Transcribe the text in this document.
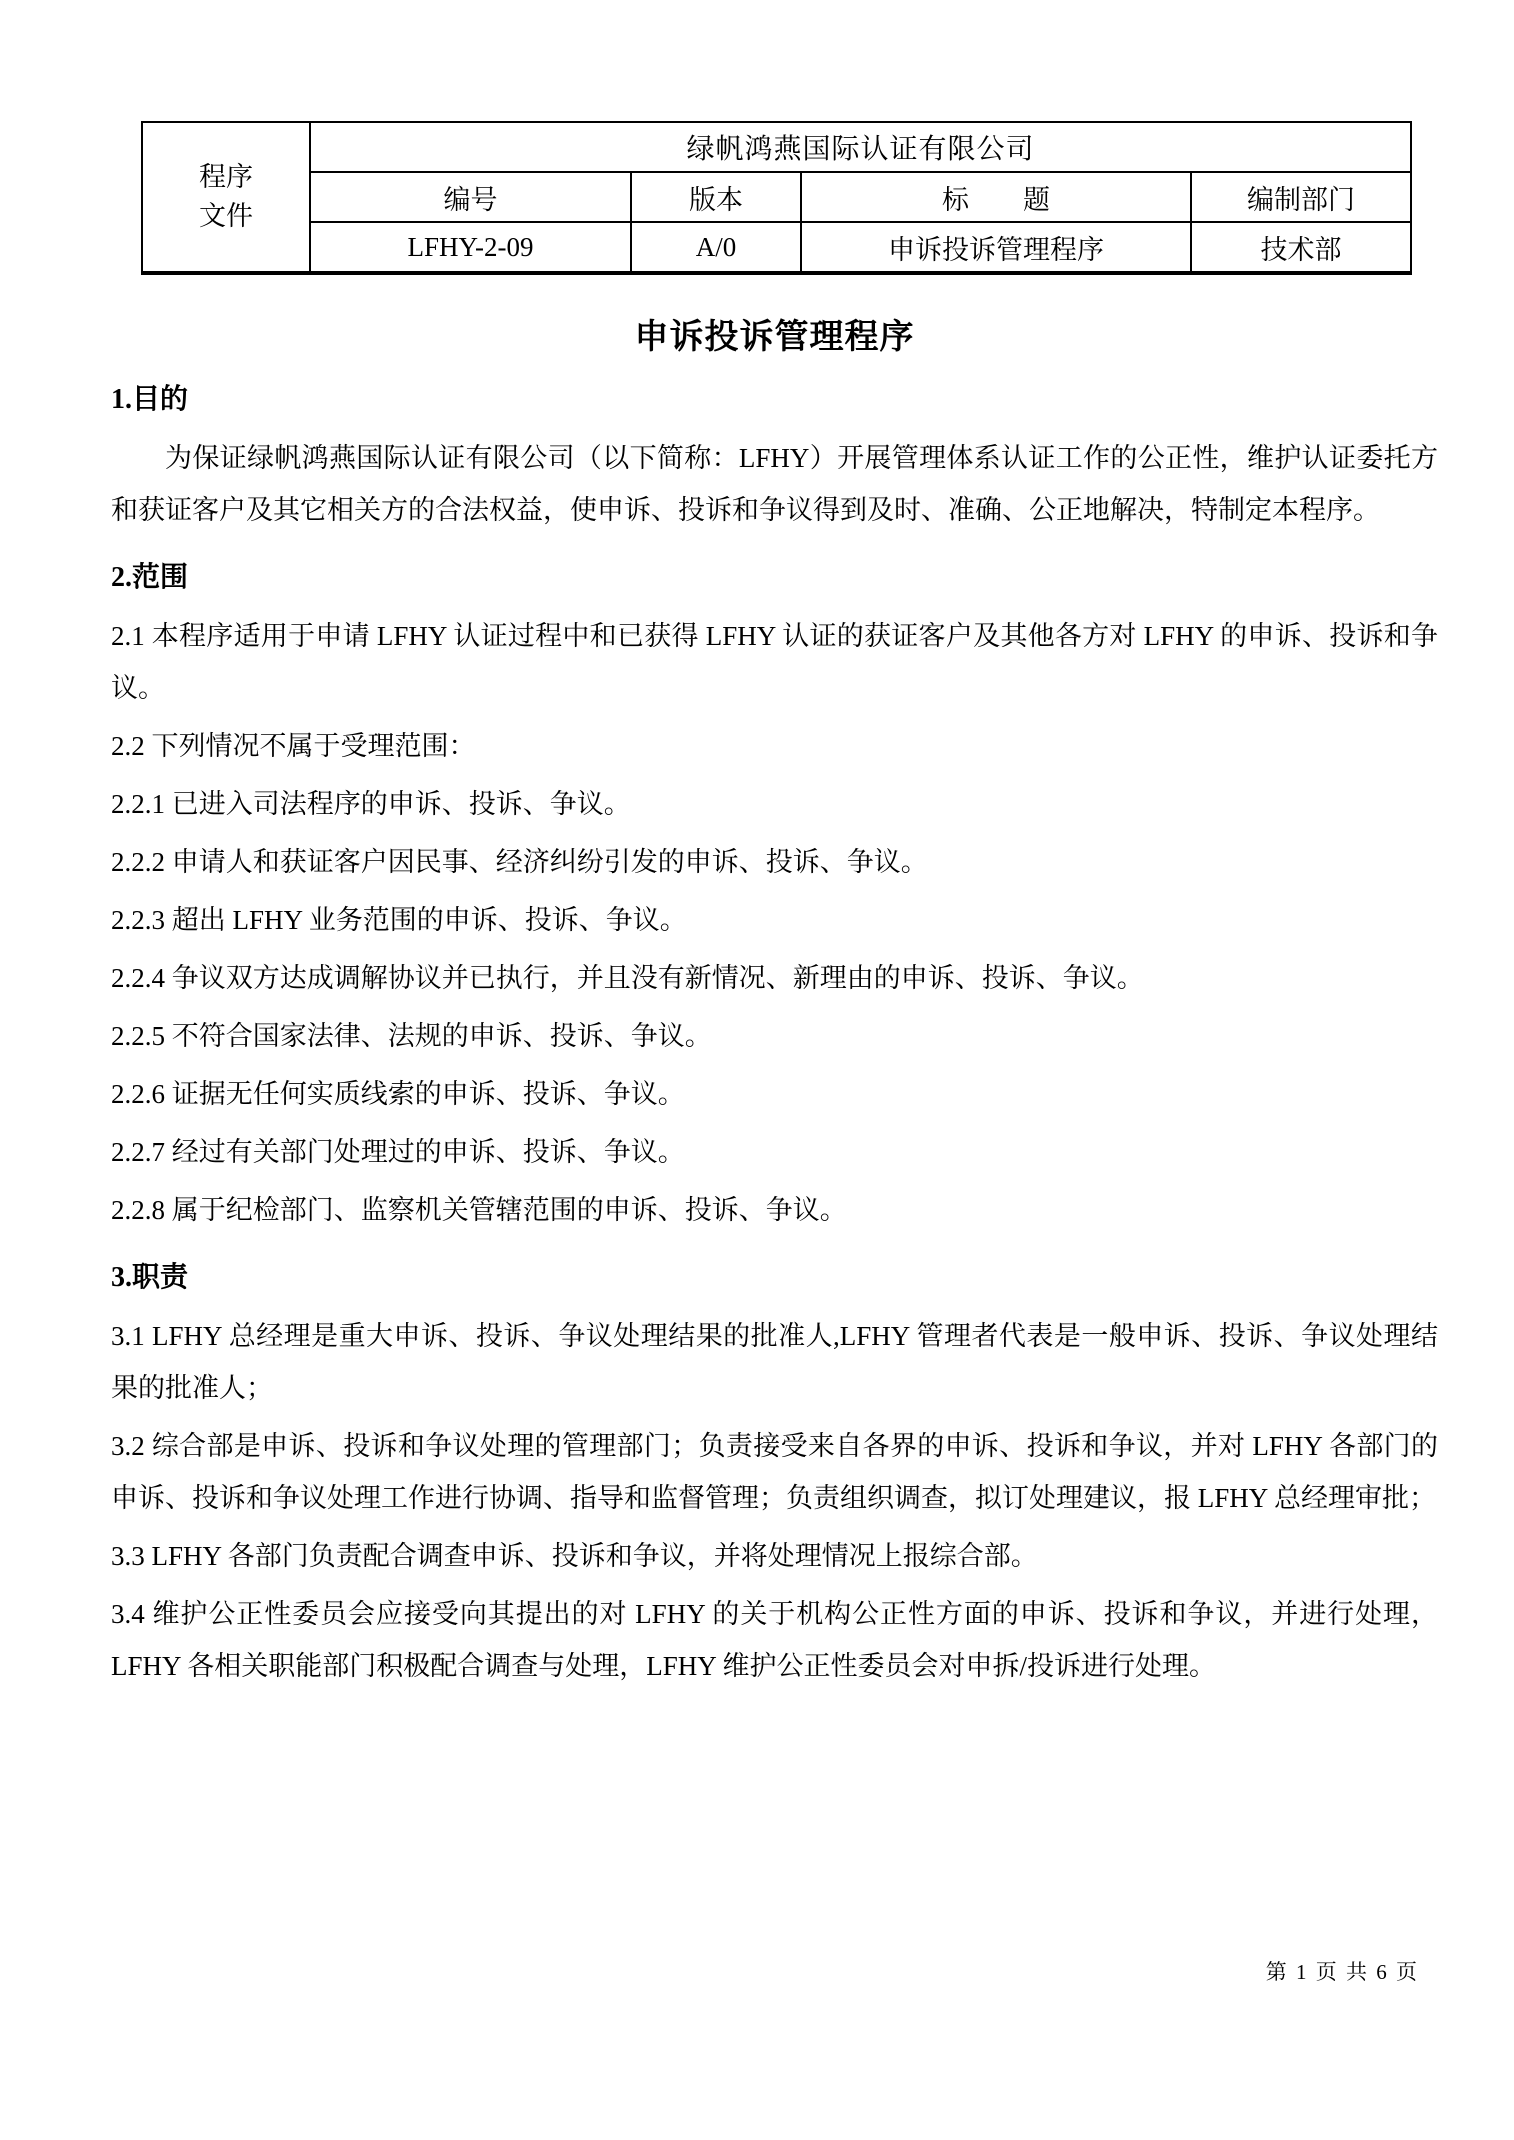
程序
文件	绿帆鸿燕国际认证有限公司			
	编号	版本	标　　题	编制部门
	LFHY-2-09	A/0	申诉投诉管理程序	技术部
申诉投诉管理程序
1.目的

为保证绿帆鸿燕国际认证有限公司（以下简称：LFHY）开展管理体系认证工作的公正性，维护认证委托方和获证客户及其它相关方的合法权益，使申诉、投诉和争议得到及时、准确、公正地解决，特制定本程序。

2.范围

2.1 本程序适用于申请 LFHY 认证过程中和已获得 LFHY 认证的获证客户及其他各方对 LFHY 的申诉、投诉和争议。

2.2 下列情况不属于受理范围：

2.2.1 已进入司法程序的申诉、投诉、争议。

2.2.2 申请人和获证客户因民事、经济纠纷引发的申诉、投诉、争议。

2.2.3 超出 LFHY 业务范围的申诉、投诉、争议。

2.2.4 争议双方达成调解协议并已执行，并且没有新情况、新理由的申诉、投诉、争议。

2.2.5 不符合国家法律、法规的申诉、投诉、争议。

2.2.6 证据无任何实质线索的申诉、投诉、争议。

2.2.7 经过有关部门处理过的申诉、投诉、争议。

2.2.8 属于纪检部门、监察机关管辖范围的申诉、投诉、争议。

3.职责

3.1 LFHY 总经理是重大申诉、投诉、争议处理结果的批准人,LFHY 管理者代表是一般申诉、投诉、争议处理结果的批准人；

3.2 综合部是申诉、投诉和争议处理的管理部门；负责接受来自各界的申诉、投诉和争议，并对 LFHY 各部门的申诉、投诉和争议处理工作进行协调、指导和监督管理；负责组织调查，拟订处理建议，报 LFHY 总经理审批；

3.3 LFHY 各部门负责配合调查申诉、投诉和争议，并将处理情况上报综合部。

3.4 维护公正性委员会应接受向其提出的对 LFHY 的关于机构公正性方面的申诉、投诉和争议，并进行处理，LFHY 各相关职能部门积极配合调查与处理，LFHY 维护公正性委员会对申拆/投诉进行处理。

第 1 页 共 6 页
